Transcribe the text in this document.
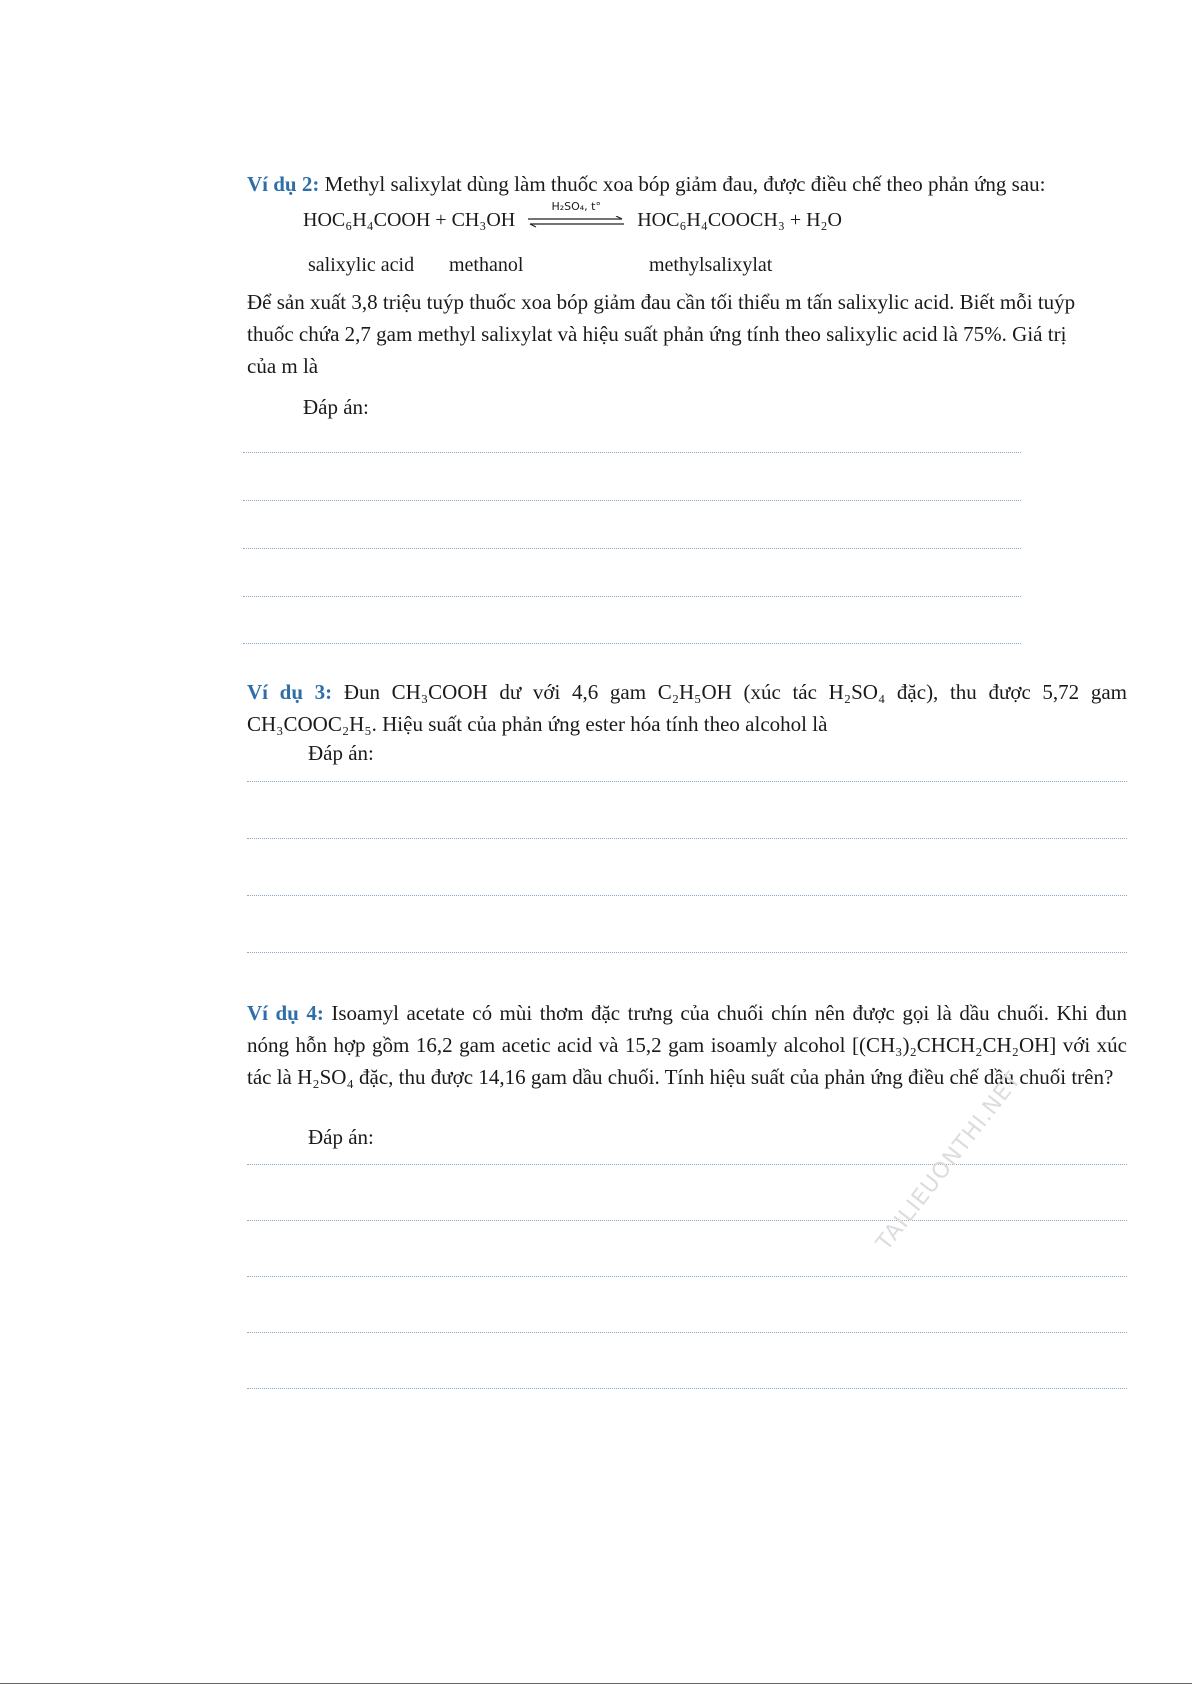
Ví dụ 2: Methyl salixylat dùng làm thuốc xoa bóp giảm đau, được điều chế theo phản ứng sau:

HOC₆H₄COOH + CH₃OH
H₂SO₄, t°
HOC₆H₄COOCH₃ + H₂O
salixylic acid methanol	methylsalixylat

Để sản xuất 3,8 triệu tuýp thuốc xoa bóp giảm đau cần tối thiểu m tấn salixylic acid. Biết mỗi tuýp thuốc chứa 2,7 gam methyl salixylat và hiệu suất phản ứng tính theo salixylic acid là 75%. Giá trị của m là

Đáp án:

Ví dụ 3: Đun CH₃COOH dư với 4,6 gam C₂H₅OH (xúc tác H₂SO₄ đặc), thu được 5,72 gam CH₃COOC₂H₅. Hiệu suất của phản ứng ester hóa tính theo alcohol là

Đáp án:

Ví dụ 4: Isoamyl acetate có mùi thơm đặc trưng của chuối chín nên được gọi là dầu chuối. Khi đun nóng hỗn hợp gồm 16,2 gam acetic acid và 15,2 gam isoamly alcohol [(CH₃)₂CHCH₂CH₂OH] với xúc tác là H₂SO₄ đặc, thu được 14,16 gam dầu chuối. Tính hiệu suất của phản ứng điều chế dầu chuối trên?

Đáp án:	TAILIEUONTHI.NET
